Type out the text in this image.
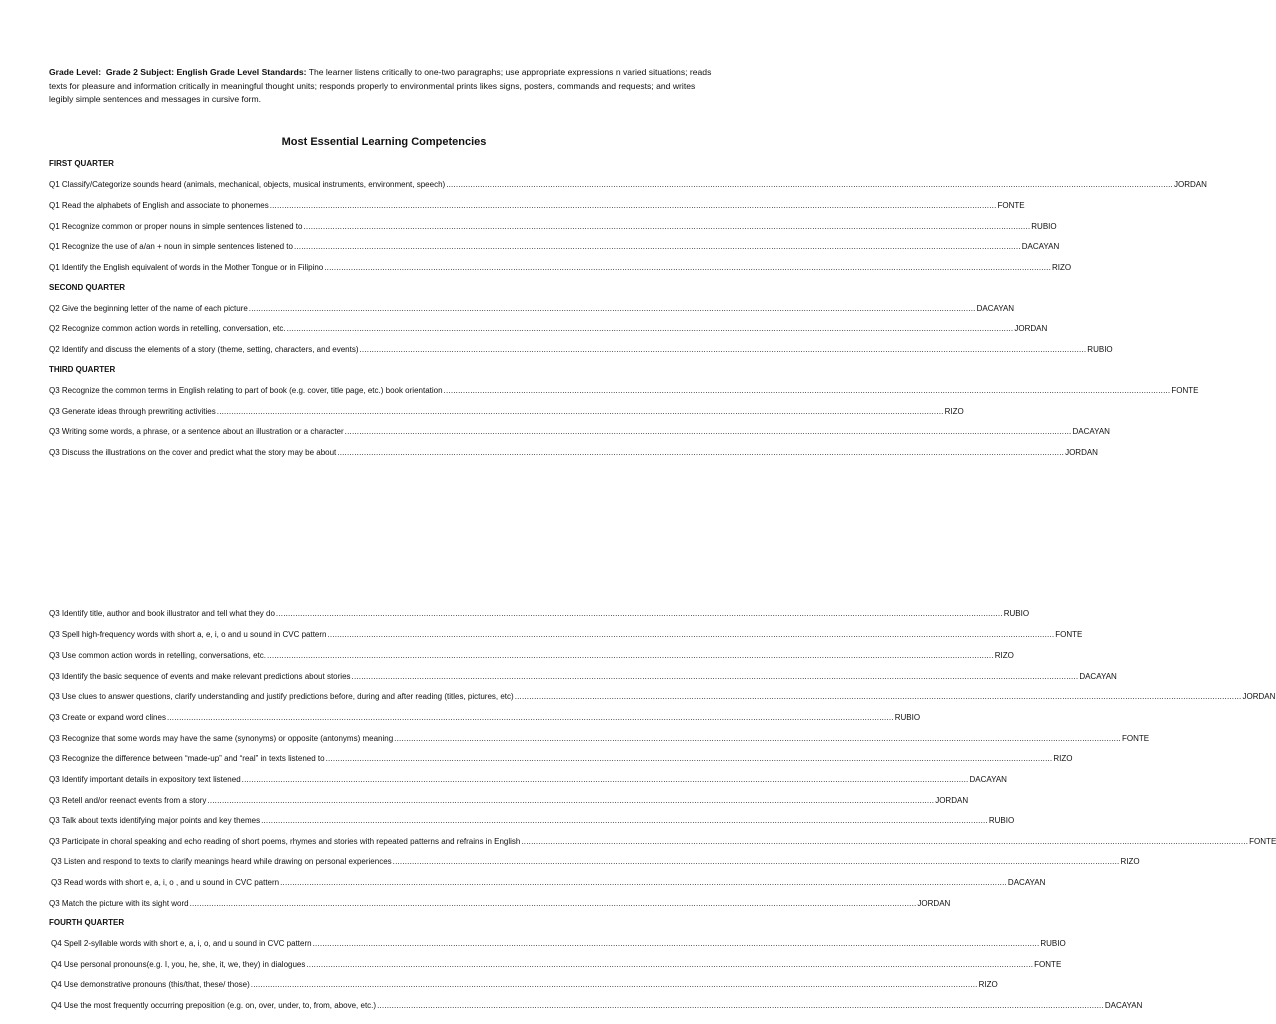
Grade Level: Grade 2 Subject: English Grade Level Standards: The learner listens critically to one-two paragraphs; use appropriate expressions n varied situations; reads texts for pleasure and information critically in meaningful thought units; responds properly to environmental prints likes signs, posters, commands and requests; and writes legibly simple sentences and messages in cursive form.
Most Essential Learning Competencies
Q1 Classify/Categorize sounds heard (animals, mechanical, objects, musical instruments, environment, speech) ............................................................................................................................................................................................................................................................................................................ JORDAN
Q1 Read the alphabets of English and associate to phonemes ............................................................................................................................................................................................................................................................................................................ FONTE
Q1 Recognize common or proper nouns in simple sentences listened to ............................................................................................................................................................................................................................................................................................................ RUBIO
Q1 Recognize the use of a/an + noun in simple sentences listened to ............................................................................................................................................................................................................................................................................................................ DACAYAN
Q1 Identify the English equivalent of words in the Mother Tongue or in Filipino ............................................................................................................................................................................................................................................................................................................ RIZO
Q2 Give the beginning letter of the name of each picture ............................................................................................................................................................................................................................................................................................................ DACAYAN
Q2 Recognize common action words in retelling, conversation, etc. ............................................................................................................................................................................................................................................................................................................ JORDAN
Q2 Identify and discuss the elements of a story (theme, setting, characters, and events) ............................................................................................................................................................................................................................................................................................................ RUBIO
Q3 Recognize the common terms in English relating to part of book (e.g. cover, title page, etc.) book orientation ............................................................................................................................................................................................................................................................................................................ FONTE
Q3 Generate ideas through prewriting activities ............................................................................................................................................................................................................................................................................................................ RIZO
Q3 Writing some words, a phrase, or a sentence about an illustration or a character ............................................................................................................................................................................................................................................................................................................ DACAYAN
Q3 Discuss the illustrations on the cover and predict what the story may be about ............................................................................................................................................................................................................................................................................................................ JORDAN
Q3 Identify title, author and book illustrator and tell what they do ............................................................................................................................................................................................................................................................................................................ RUBIO
Q3 Spell high-frequency words with short a, e, i, o and u sound in CVC pattern ............................................................................................................................................................................................................................................................................................................ FONTE
Q3 Use common action words in retelling, conversations, etc. ............................................................................................................................................................................................................................................................................................................ RIZO
Q3 Identify the basic sequence of events and make relevant predictions about stories ............................................................................................................................................................................................................................................................................................................ DACAYAN
Q3 Use clues to answer questions, clarify understanding and justify predictions before, during and after reading (titles, pictures, etc) ............................................................................................................................................................................................................................................................................................................ JORDAN
Q3 Create or expand word clines ............................................................................................................................................................................................................................................................................................................ RUBIO
Q3 Recognize that some words may have the same (synonyms) or opposite (antonyms) meaning ............................................................................................................................................................................................................................................................................................................ FONTE
Q3 Recognize the difference between “made-up” and “real” in texts listened to ............................................................................................................................................................................................................................................................................................................ RIZO
Q3 Identify important details in expository text listened ............................................................................................................................................................................................................................................................................................................ DACAYAN
Q3 Retell and/or reenact events from a story ............................................................................................................................................................................................................................................................................................................ JORDAN
Q3 Talk about texts identifying major points and key themes ............................................................................................................................................................................................................................................................................................................ RUBIO
Q3 Participate in choral speaking and echo reading of short poems, rhymes and stories with repeated patterns and refrains in English ............................................................................................................................................................................................................................................................................................................ FONTE
Q3 Listen and respond to texts to clarify meanings heard while drawing on personal experiences ............................................................................................................................................................................................................................................................................................................ RIZO
Q3 Read words with short e, a, i, o , and u sound in CVC pattern ............................................................................................................................................................................................................................................................................................................ DACAYAN
Q3 Match the picture with its sight word ............................................................................................................................................................................................................................................................................................................ JORDAN
Q4 Spell 2-syllable words with short e, a, i, o, and u sound in CVC pattern ............................................................................................................................................................................................................................................................................................................ RUBIO
Q4 Use personal pronouns(e.g. I, you, he, she, it, we, they) in dialogues ............................................................................................................................................................................................................................................................................................................ FONTE
Q4 Use demonstrative pronouns (this/that, these/ those) ............................................................................................................................................................................................................................................................................................................ RIZO
Q4 Use the most frequently occurring preposition (e.g. on, over, under, to, from, above, etc.) ............................................................................................................................................................................................................................................................................................................ DACAYAN
FIRST QUARTER
SECOND QUARTER
THIRD QUARTER
FOURTH QUARTER
